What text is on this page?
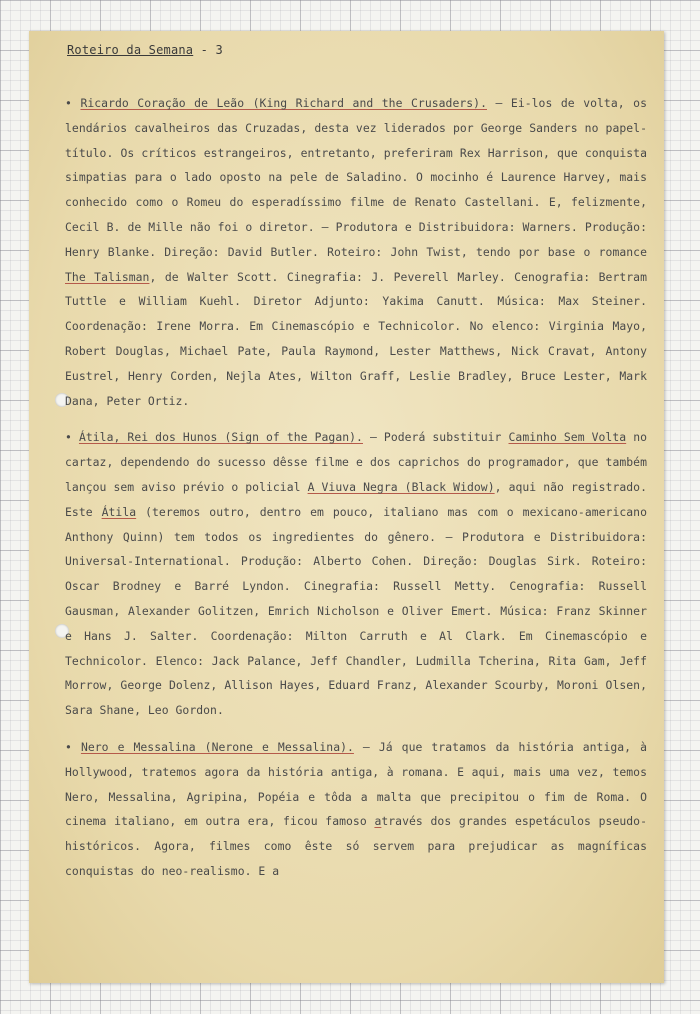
Roteiro da Semana - 3
• Ricardo Coração de Leão (King Richard and the Crusaders). — Ei-los de volta, os lendários cavalheiros das Cruzadas, desta vez liderados por George Sanders no papel-título. Os críticos estrangeiros, entretanto, preferiram Rex Harrison, que conquista simpatias para o lado oposto na pele de Saladino. O mocinho é Laurence Harvey, mais conhecido como o Romeu do esperadíssimo filme de Renato Castellani. E, felizmente, Cecil B. de Mille não foi o diretor. — Produtora e Distribuidora: Warners. Produção: Henry Blanke. Direção: David Butler. Roteiro: John Twist, tendo por base o romance The Talisman, de Walter Scott. Cinegrafia: J. Peverell Marley. Cenografia: Bertram Tuttle e William Kuehl. Diretor Adjunto: Yakima Canutt. Música: Max Steiner. Coordenação: Irene Morra. Em Cinemascópio e Technicolor. No elenco: Virginia Mayo, Robert Douglas, Michael Pate, Paula Raymond, Lester Matthews, Nick Cravat, Antony Eustrel, Henry Corden, Nejla Ates, Wilton Graff, Leslie Bradley, Bruce Lester, Mark Dana, Peter Ortiz.
• Átila, Rei dos Hunos (Sign of the Pagan). — Poderá substituir Caminho Sem Volta no cartaz, dependendo do sucesso dêsse filme e dos caprichos do programador, que também lançou sem aviso prévio o policial A Viuva Negra (Black Widow), aqui não registrado. Este Átila (teremos outro, dentro em pouco, italiano mas com o mexicano-americano Anthony Quinn) tem todos os ingredientes do gênero. — Produtora e Distribuidora: Universal-International. Produção: Alberto Cohen. Direção: Douglas Sirk. Roteiro: Oscar Brodney e Barré Lyndon. Cinegrafia: Russell Metty. Cenografia: Russell Gausman, Alexander Golitzen, Emrich Nicholson e Oliver Emert. Música: Franz Skinner e Hans J. Salter. Coordenação: Milton Carruth e Al Clark. Em Cinemascópio e Technicolor. Elenco: Jack Palance, Jeff Chandler, Ludmilla Tcherina, Rita Gam, Jeff Morrow, George Dolenz, Allison Hayes, Eduard Franz, Alexander Scourby, Moroni Olsen, Sara Shane, Leo Gordon.
• Nero e Messalina (Nerone e Messalina). — Já que tratamos da história antiga, à Hollywood, tratemos agora da história antiga, à romana. E aqui, mais uma vez, temos Nero, Messalina, Agripina, Popéia e tôda a malta que precipitou o fim de Roma. O cinema italiano, em outra era, ficou famoso através dos grandes espetáculos pseudo-históricos. Agora, filmes como êste só servem para prejudicar as magníficas conquistas do neo-realismo. E a
